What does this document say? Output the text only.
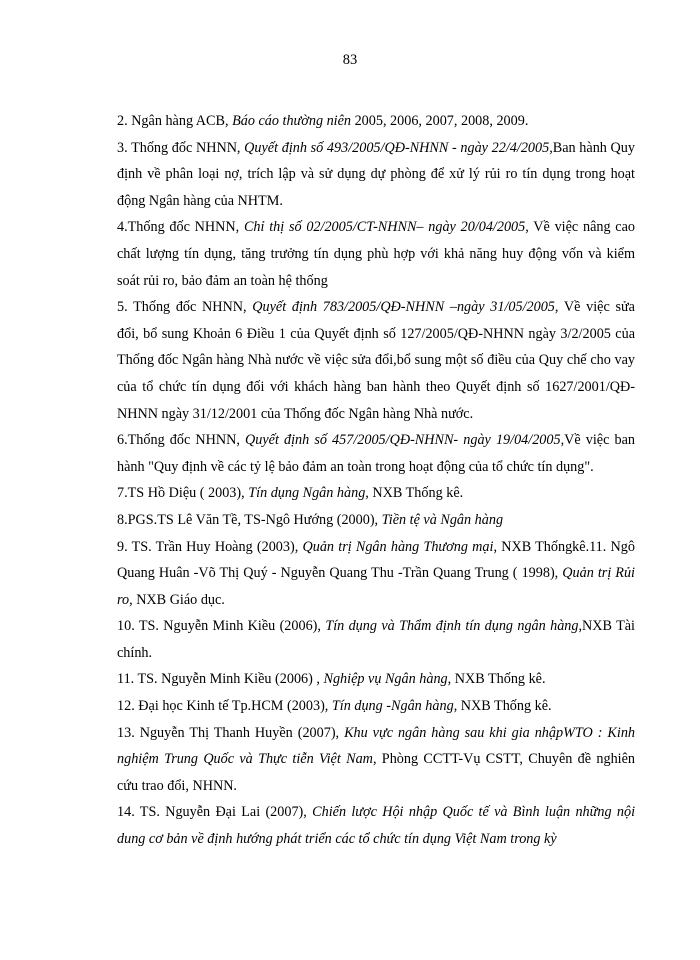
83

2. Ngân hàng ACB, Báo cáo thường niên 2005, 2006, 2007, 2008, 2009.

3. Thống đốc NHNN, Quyết định số 493/2005/QĐ-NHNN - ngày 22/4/2005,Ban hành Quy định về phân loại nợ, trích lập và sử dụng dự phòng để xử lý rủi ro tín dụng trong hoạt động Ngân hàng của NHTM.

4.Thống đốc NHNN, Chỉ thị số 02/2005/CT-NHNN– ngày 20/04/2005, Về việc nâng cao chất lượng tín dụng, tăng trưởng tín dụng phù hợp với khả năng huy động vốn và kiểm soát rủi ro, bảo đảm an toàn hệ thống

5. Thống đốc NHNN, Quyết định 783/2005/QĐ-NHNN –ngày 31/05/2005, Về việc sửa đổi, bổ sung Khoản 6 Điều 1 của Quyết định số 127/2005/QĐ-NHNN ngày 3/2/2005 của Thống đốc Ngân hàng Nhà nước về việc sửa đổi,bổ sung một số điều của Quy chế cho vay của tổ chức tín dụng đối với khách hàng ban hành theo Quyết định số 1627/2001/QĐ-NHNN ngày 31/12/2001 của Thống đốc Ngân hàng Nhà nước.

6.Thống đốc NHNN, Quyết định số 457/2005/QĐ-NHNN- ngày 19/04/2005,Về việc ban hành "Quy định về các tỷ lệ bảo đảm an toàn trong hoạt động của tổ chức tín dụng".

7.TS Hồ Diệu ( 2003), Tín dụng Ngân hàng, NXB Thống kê.

8.PGS.TS Lê Văn Tề, TS-Ngô Hướng (2000), Tiền tệ và Ngân hàng

9. TS. Trần Huy Hoàng (2003), Quản trị Ngân hàng Thương mại, NXB Thốngkê.11. Ngô Quang Huân -Võ Thị Quý - Nguyễn Quang Thu -Trần Quang Trung ( 1998), Quản trị Rủi ro, NXB Giáo dục.

10. TS. Nguyễn Minh Kiều (2006), Tín dụng và Thẩm định tín dụng ngân hàng,NXB Tài chính.

11. TS. Nguyễn Minh Kiều (2006) , Nghiệp vụ Ngân hàng, NXB Thống kê.

12. Đại học Kinh tế Tp.HCM (2003), Tín dụng -Ngân hàng, NXB Thống kê.

13. Nguyễn Thị Thanh Huyền (2007), Khu vực ngân hàng sau khi gia nhậpWTO : Kinh nghiệm Trung Quốc và Thực tiễn Việt Nam, Phòng CCTT-Vụ CSTT, Chuyên đề nghiên cứu trao đổi, NHNN.

14. TS. Nguyễn Đại Lai (2007), Chiến lược Hội nhập Quốc tế và Bình luận những nội dung cơ bản về định hướng phát triển các tổ chức tín dụng Việt Nam trong kỳ
